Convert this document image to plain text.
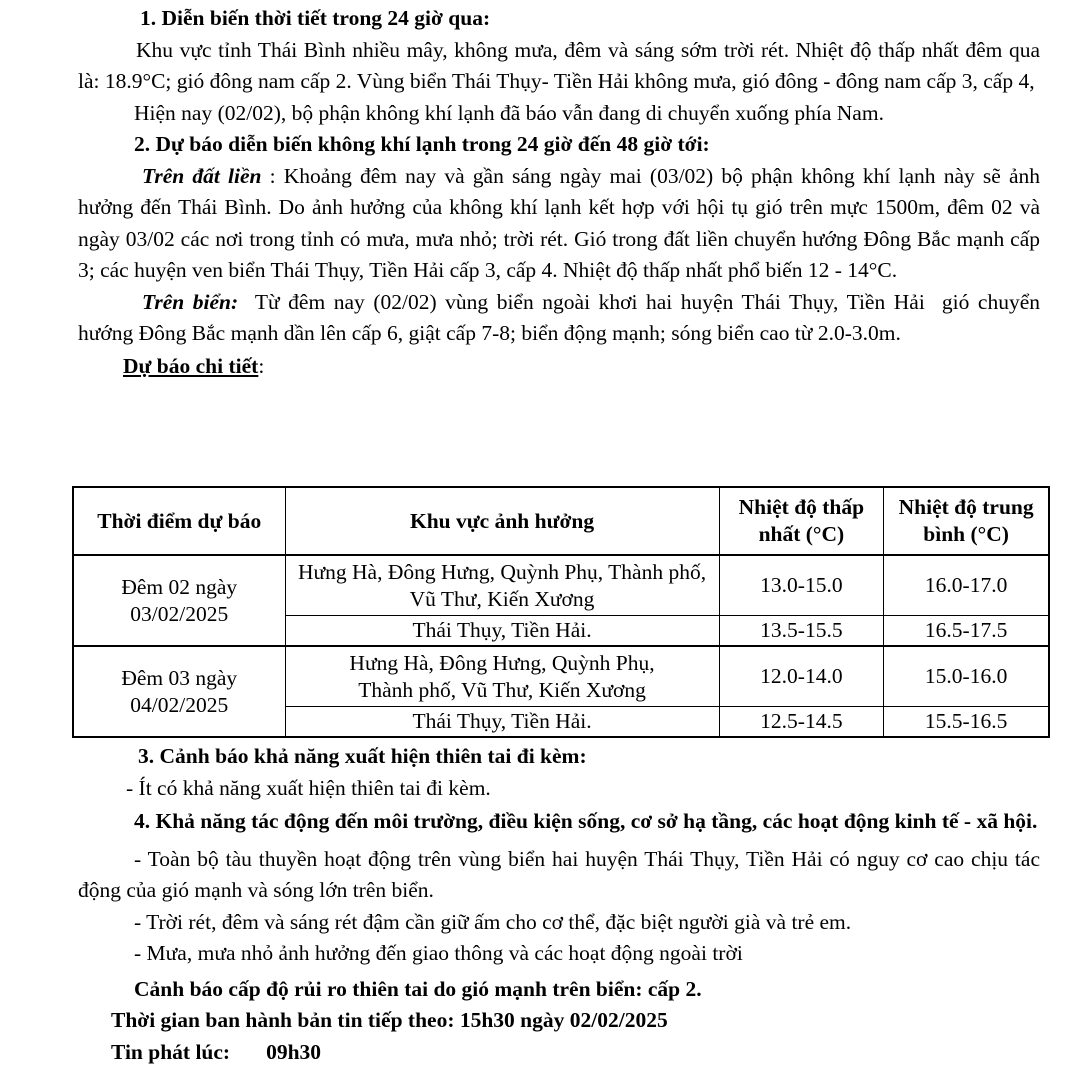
1. Diễn biến thời tiết trong 24 giờ qua:

Khu vực tỉnh Thái Bình nhiều mây, không mưa, đêm và sáng sớm trời rét. Nhiệt độ thấp nhất đêm qua là: 18.9°C; gió đông nam cấp 2. Vùng biển Thái Thụy- Tiền Hải không mưa, gió đông - đông nam cấp 3, cấp 4,

Hiện nay (02/02), bộ phận không khí lạnh đã báo vẫn đang di chuyển xuống phía Nam.

2. Dự báo diễn biến không khí lạnh trong 24 giờ đến 48 giờ tới:

Trên đất liền : Khoảng đêm nay và gần sáng ngày mai (03/02) bộ phận không khí lạnh này sẽ ảnh hưởng đến Thái Bình. Do ảnh hưởng của không khí lạnh kết hợp với hội tụ gió trên mực 1500m, đêm 02 và ngày 03/02 các nơi trong tỉnh có mưa, mưa nhỏ; trời rét. Gió trong đất liền chuyển hướng Đông Bắc mạnh cấp 3; các huyện ven biển Thái Thụy, Tiền Hải cấp 3, cấp 4. Nhiệt độ thấp nhất phổ biến 12 - 14°C.

Trên biển:  Từ đêm nay (02/02) vùng biển ngoài khơi hai huyện Thái Thụy, Tiền Hải  gió chuyển hướng Đông Bắc mạnh dần lên cấp 6, giật cấp 7-8; biển động mạnh; sóng biển cao từ 2.0-3.0m.

Dự báo chi tiết:

Thời điểm dự báo	Khu vực ảnh hưởng	Nhiệt độ thấp nhất (°C)	Nhiệt độ trung bình (°C)
Đêm 02 ngày 03/02/2025	Hưng Hà, Đông Hưng, Quỳnh Phụ, Thành phố, Vũ Thư, Kiến Xương	13.0-15.0	16.0-17.0
	Thái Thụy, Tiền Hải.	13.5-15.5	16.5-17.5
Đêm 03 ngày 04/02/2025	Hưng Hà, Đông Hưng, Quỳnh Phụ, Thành phố, Vũ Thư, Kiến Xương	12.0-14.0	15.0-16.0
	Thái Thụy, Tiền Hải.	12.5-14.5	15.5-16.5

3. Cảnh báo khả năng xuất hiện thiên tai đi kèm:

- Ít có khả năng xuất hiện thiên tai đi kèm.

4. Khả năng tác động đến môi trường, điều kiện sống, cơ sở hạ tầng, các hoạt động kinh tế - xã hội.

- Toàn bộ tàu thuyền hoạt động trên vùng biển hai huyện Thái Thụy, Tiền Hải có nguy cơ cao chịu tác động của gió mạnh và sóng lớn trên biển.

- Trời rét, đêm và sáng rét đậm cần giữ ấm cho cơ thể, đặc biệt người già và trẻ em.

- Mưa, mưa nhỏ ảnh hưởng đến giao thông và các hoạt động ngoài trời

Cảnh báo cấp độ rủi ro thiên tai do gió mạnh trên biển: cấp 2.

Thời gian ban hành bản tin tiếp theo: 15h30 ngày 02/02/2025

Tin phát lúc: 09h30
